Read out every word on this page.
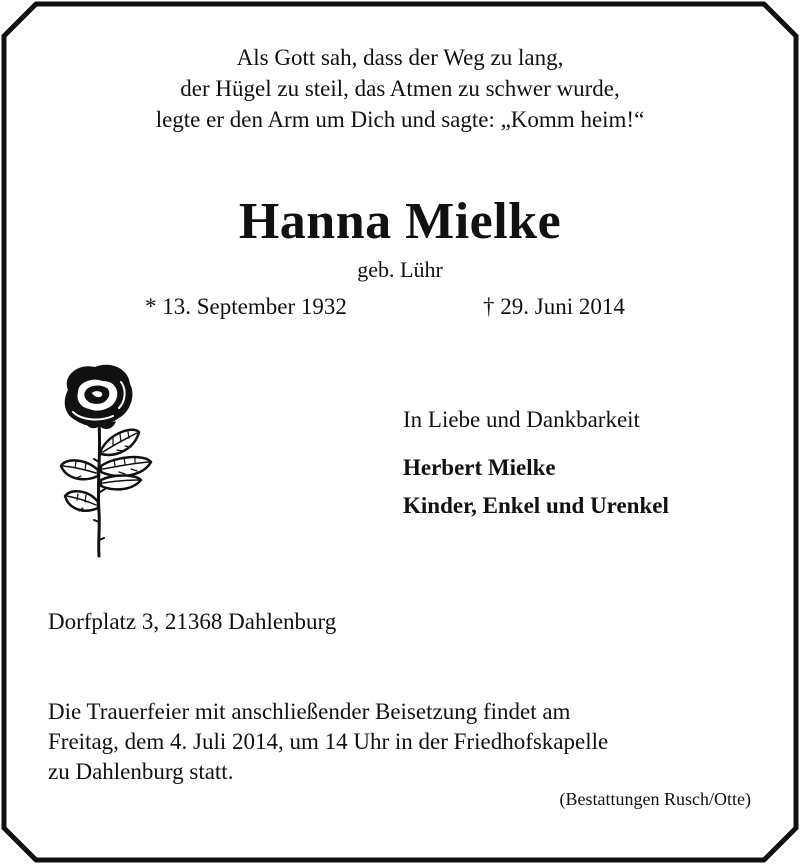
Als Gott sah, dass der Weg zu lang,
der Hügel zu steil, das Atmen zu schwer wurde,
legte er den Arm um Dich und sagte: „Komm heim!“
Hanna Mielke
geb. Lühr
* 13. September 1932	† 29. Juni 2014
In Liebe und Dankbarkeit
Herbert Mielke
Kinder, Enkel und Urenkel
Dorfplatz 3, 21368 Dahlenburg
Die Trauerfeier mit anschließender Beisetzung findet am
Freitag, dem 4. Juli 2014, um 14 Uhr in der Friedhofskapelle
zu Dahlenburg statt.
(Bestattungen Rusch/Otte)
